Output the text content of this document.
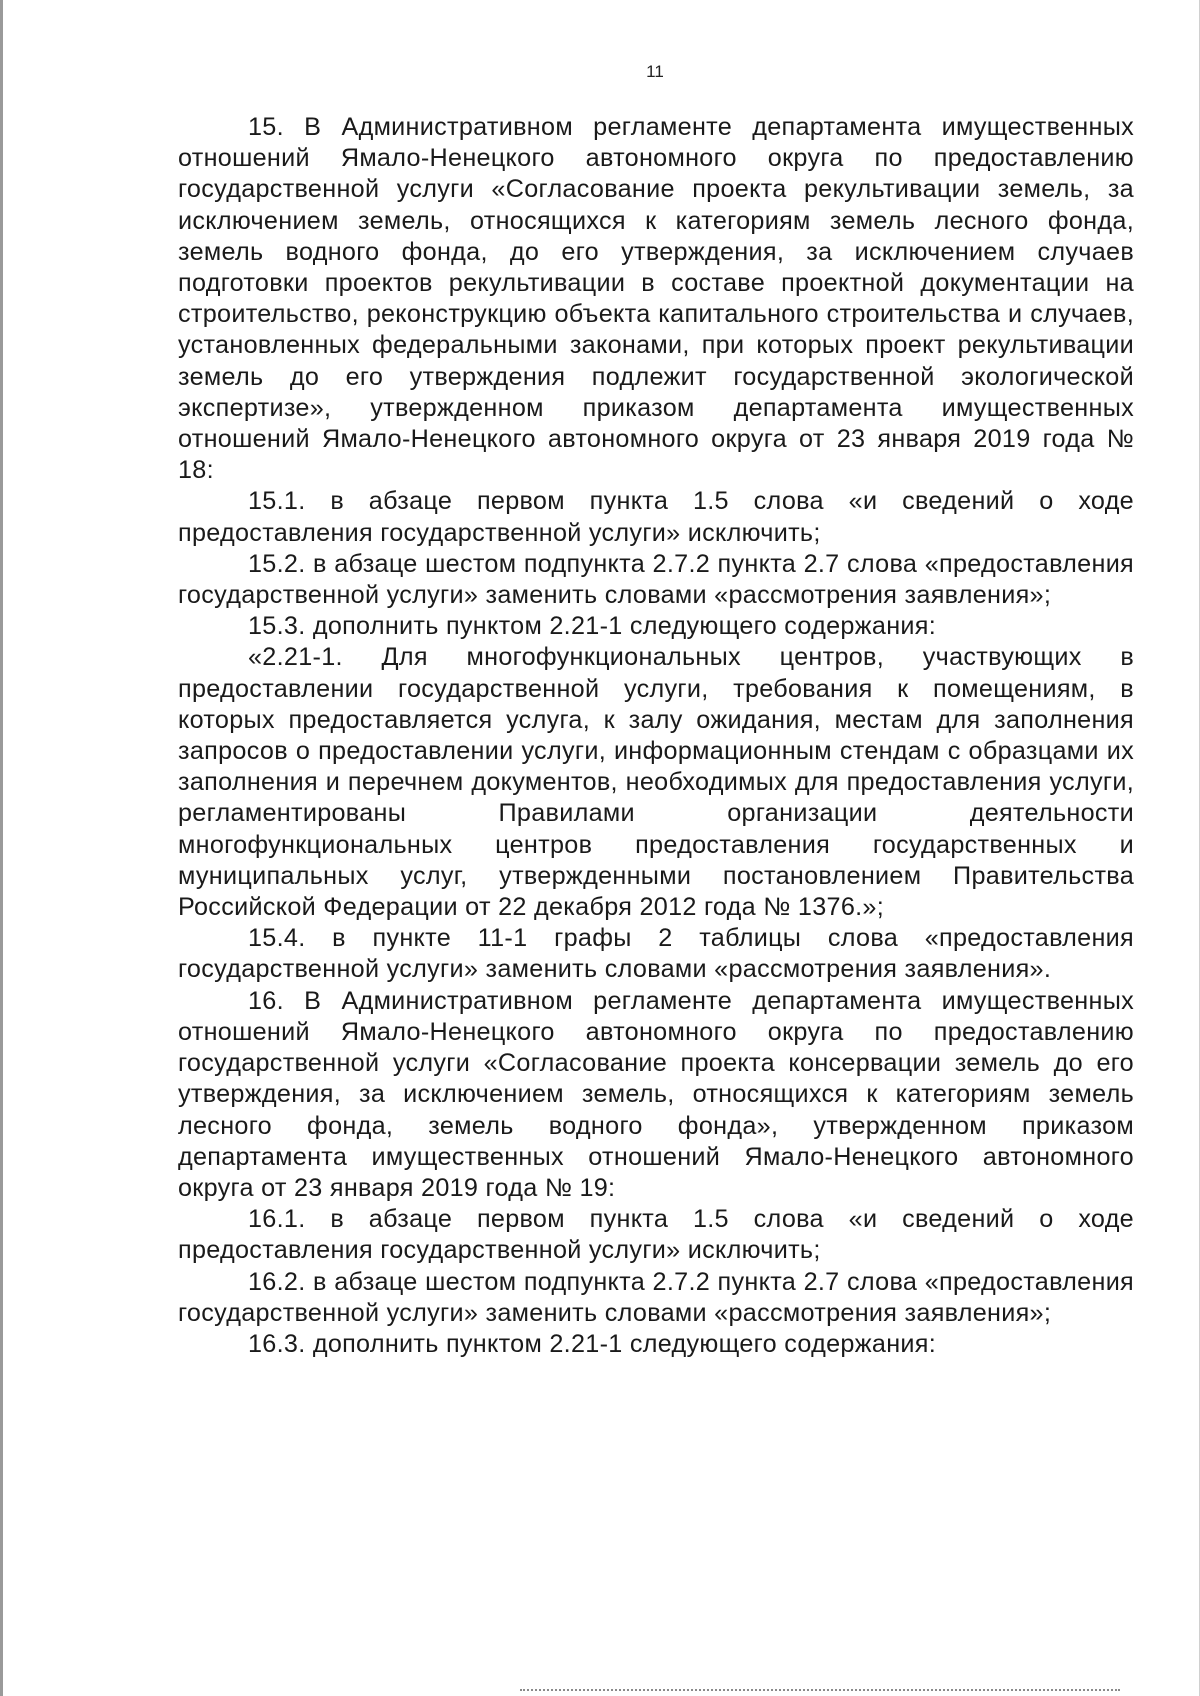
11

15. В Административном регламенте департамента имущественных отношений Ямало-Ненецкого автономного округа по предоставлению государственной услуги «Согласование проекта рекультивации земель, за исключением земель, относящихся к категориям земель лесного фонда, земель водного фонда, до его утверждения, за исключением случаев подготовки проектов рекультивации в составе проектной документации на строительство, реконструкцию объекта капитального строительства и случаев, установленных федеральными законами, при которых проект рекультивации земель до его утверждения подлежит государственной экологической экспертизе», утвержденном приказом департамента имущественных отношений Ямало-Ненецкого автономного округа от 23 января 2019 года № 18:

15.1. в абзаце первом пункта 1.5 слова «и сведений о ходе предоставления государственной услуги» исключить;

15.2. в абзаце шестом подпункта 2.7.2 пункта 2.7 слова «предоставления государственной услуги» заменить словами «рассмотрения заявления»;

15.3. дополнить пунктом 2.21-1 следующего содержания:

«2.21-1. Для многофункциональных центров, участвующих в предоставлении государственной услуги, требования к помещениям, в которых предоставляется услуга, к залу ожидания, местам для заполнения запросов о предоставлении услуги, информационным стендам с образцами их заполнения и перечнем документов, необходимых для предоставления услуги, регламентированы Правилами организации деятельности многофункциональных центров предоставления государственных и муниципальных услуг, утвержденными постановлением Правительства Российской Федерации от 22 декабря 2012 года № 1376.»;

15.4. в пункте 11-1 графы 2 таблицы слова «предоставления государственной услуги» заменить словами «рассмотрения заявления».

16. В Административном регламенте департамента имущественных отношений Ямало-Ненецкого автономного округа по предоставлению государственной услуги «Согласование проекта консервации земель до его утверждения, за исключением земель, относящихся к категориям земель лесного фонда, земель водного фонда», утвержденном приказом департамента имущественных отношений Ямало-Ненецкого автономного округа от 23 января 2019 года № 19:

16.1. в абзаце первом пункта 1.5 слова «и сведений о ходе предоставления государственной услуги» исключить;

16.2. в абзаце шестом подпункта 2.7.2 пункта 2.7 слова «предоставления государственной услуги» заменить словами «рассмотрения заявления»;

16.3. дополнить пунктом 2.21-1 следующего содержания:
